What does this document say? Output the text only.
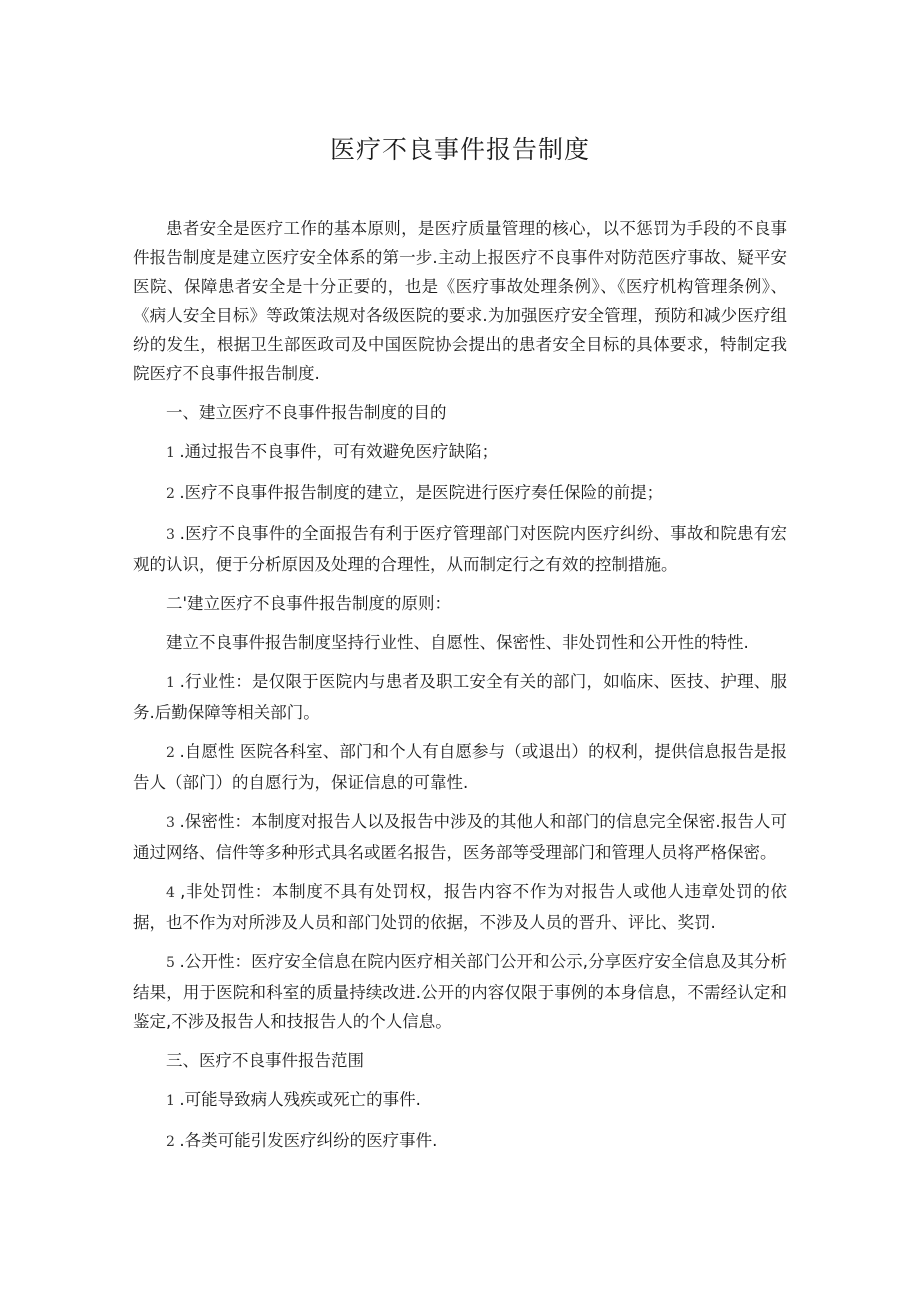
医疗不良事件报告制度

患者安全是医疗工作的基本原则，是医疗质量管理的核心，以不惩罚为手段的不良事件报告制度是建立医疗安全体系的第一步.主动上报医疗不良事件对防范医疗事故、疑平安医院、保障患者安全是十分正要的，也是《医疗事故处理条例》、《医疗机构管理条例》、《病人安全目标》等政策法规对各级医院的要求.为加强医疗安全管理，预防和减少医疗组纷的发生，根据卫生部医政司及中国医院协会提出的患者安全目标的具体要求，特制定我院医疗不良事件报告制度.

一、建立医疗不良事件报告制度的目的

1 .通过报告不良事件，可有效避免医疗缺陷；

2 .医疗不良事件报告制度的建立，是医院进行医疗奏任保险的前提；

3 .医疗不良事件的全面报告有利于医疗管理部门对医院内医疗纠纷、事故和院患有宏观的认识，便于分析原因及处理的合理性，从而制定行之有效的控制措施。

二'建立医疗不良事件报告制度的原则：

建立不良事件报告制度坚持行业性、自愿性、保密性、非处罚性和公开性的特性.

1 .行业性：是仅限于医院内与患者及职工安全有关的部门，如临床、医技、护理、服务.后勤保障等相关部门。

2 .自愿性 医院各科室、部门和个人有自愿参与（或退出）的权利，提供信息报告是报告人（部门）的自愿行为，保证信息的可靠性.

3 .保密性：本制度对报告人以及报告中涉及的其他人和部门的信息完全保密.报告人可通过网络、信件等多种形式具名或匿名报告，医务部等受理部门和管理人员将严格保密。

4 ,非处罚性：本制度不具有处罚权，报告内容不作为对报告人或他人违章处罚的依据，也不作为对所涉及人员和部门处罚的依据，不涉及人员的晋升、评比、奖罚.

5 .公开性：医疗安全信息在院内医疗相关部门公开和公示,分享医疗安全信息及其分析结果，用于医院和科室的质量持续改进.公开的内容仅限于事例的本身信息，不需经认定和鉴定,不涉及报告人和技报告人的个人信息。

三、医疗不良事件报告范围

1 .可能导致病人残疾或死亡的事件.

2 .各类可能引发医疗纠纷的医疗事件.
